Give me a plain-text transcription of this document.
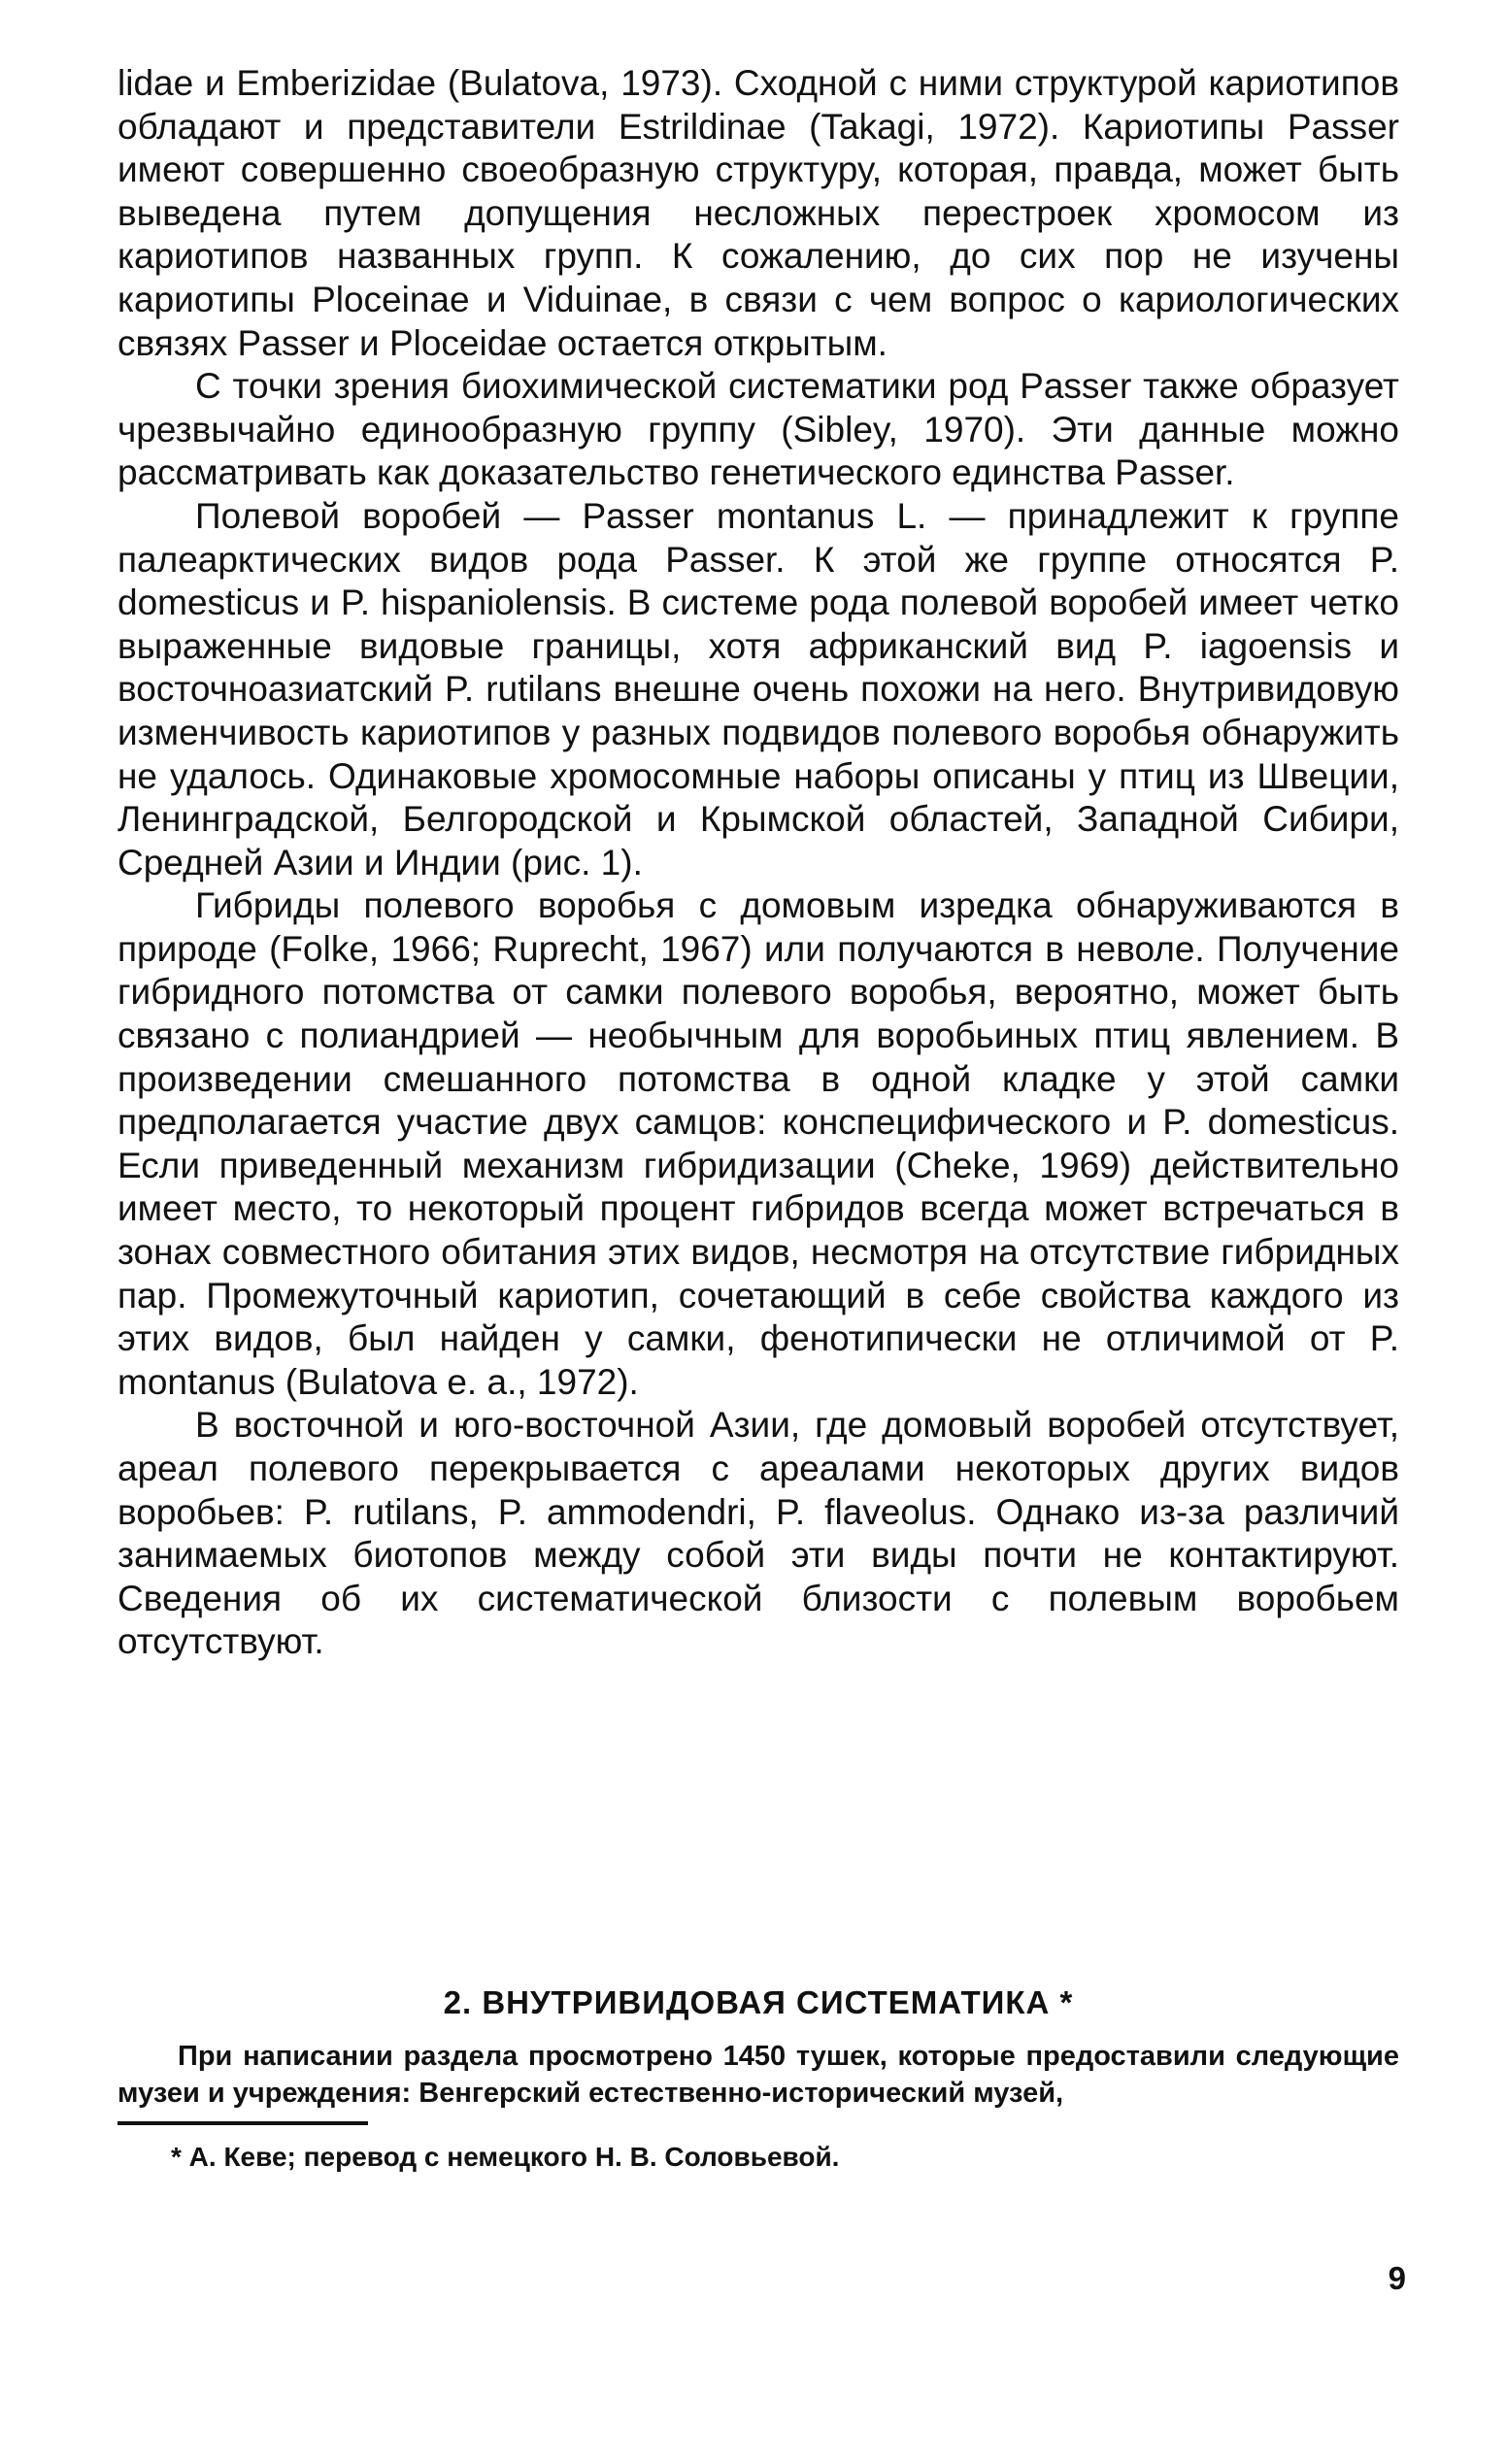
lidae и Emberizidae (Bulatova, 1973). Сходной с ними структурой кариотипов обладают и представители Estrildinae (Takagi, 1972). Кариотипы Passer имеют совершенно своеобразную структуру, которая, правда, может быть выведена путем допущения несложных перестроек хромосом из кариотипов названных групп. К сожалению, до сих пор не изучены кариотипы Ploceinae и Viduinae, в связи с чем вопрос о кариологических связях Passer и Ploceidae остается открытым.

С точки зрения биохимической систематики род Passer также образует чрезвычайно единообразную группу (Sibley, 1970). Эти данные можно рассматривать как доказательство генетического единства Passer.

Полевой воробей — Passer montanus L. — принадлежит к группе палеарктических видов рода Passer. К этой же группе относятся P. domesticus и P. hispaniolensis. В системе рода полевой воробей имеет четко выраженные видовые границы, хотя африканский вид P. iagoensis и восточноазиатский P. rutilans внешне очень похожи на него. Внутривидовую изменчивость кариотипов у разных подвидов полевого воробья обнаружить не удалось. Одинаковые хромосомные наборы описаны у птиц из Швеции, Ленинградской, Белгородской и Крымской областей, Западной Сибири, Средней Азии и Индии (рис. 1).

Гибриды полевого воробья с домовым изредка обнаруживаются в природе (Folke, 1966; Ruprecht, 1967) или получаются в неволе. Получение гибридного потомства от самки полевого воробья, вероятно, может быть связано с полиандрией — необычным для воробьиных птиц явлением. В произведении смешанного потомства в одной кладке у этой самки предполагается участие двух самцов: конспецифического и P. domesticus. Если приведенный механизм гибридизации (Cheke, 1969) действительно имеет место, то некоторый процент гибридов всегда может встречаться в зонах совместного обитания этих видов, несмотря на отсутствие гибридных пар. Промежуточный кариотип, сочетающий в себе свойства каждого из этих видов, был найден у самки, фенотипически не отличимой от P. montanus (Bulatova e. a., 1972).

В восточной и юго-восточной Азии, где домовый воробей отсутствует, ареал полевого перекрывается с ареалами некоторых других видов воробьев: P. rutilans, P. ammodendri, P. flaveolus. Однако из-за различий занимаемых биотопов между собой эти виды почти не контактируют. Сведения об их систематической близости с полевым воробьем отсутствуют.

2. ВНУТРИВИДОВАЯ СИСТЕМАТИКА *

При написании раздела просмотрено 1450 тушек, которые предоставили следующие музеи и учреждения: Венгерский естественно-исторический музей,

* А. Кеве; перевод с немецкого Н. В. Соловьевой.

9
